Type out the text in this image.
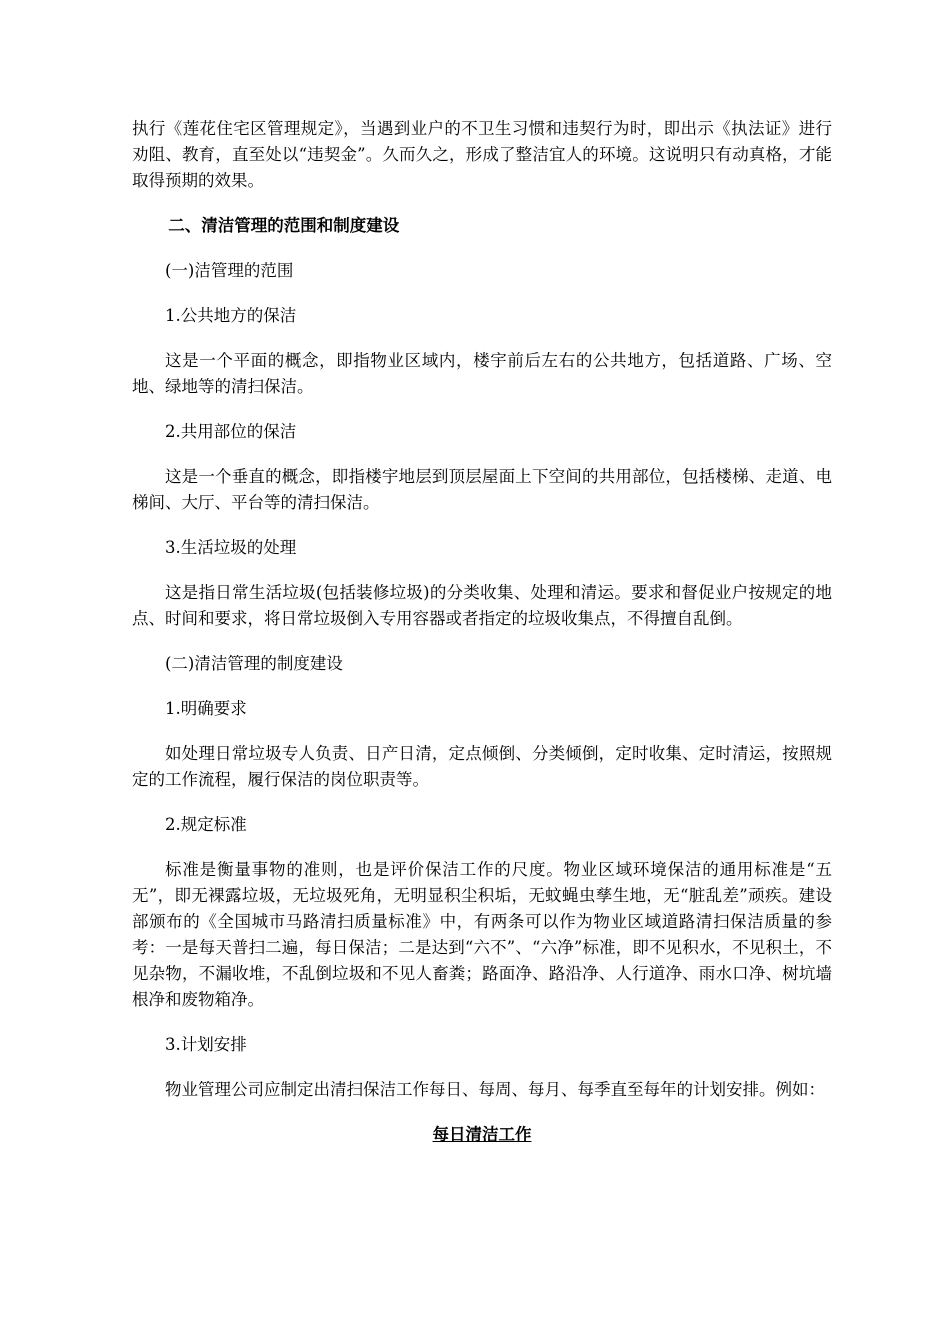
执行《莲花住宅区管理规定》，当遇到业户的不卫生习惯和违契行为时，即出示《执法证》进行劝阻、教育，直至处以“违契金”。久而久之，形成了整洁宜人的环境。这说明只有动真格，才能取得预期的效果。

二、清洁管理的范围和制度建设

(一)洁管理的范围

1.公共地方的保洁

这是一个平面的概念，即指物业区域内，楼宇前后左右的公共地方，包括道路、广场、空地、绿地等的清扫保洁。

2.共用部位的保洁

这是一个垂直的概念，即指楼宇地层到顶层屋面上下空间的共用部位，包括楼梯、走道、电梯间、大厅、平台等的清扫保洁。

3.生活垃圾的处理

这是指日常生活垃圾(包括装修垃圾)的分类收集、处理和清运。要求和督促业户按规定的地点、时间和要求，将日常垃圾倒入专用容器或者指定的垃圾收集点，不得擅自乱倒。

(二)清洁管理的制度建设

1.明确要求

如处理日常垃圾专人负责、日产日清，定点倾倒、分类倾倒，定时收集、定时清运，按照规定的工作流程，履行保洁的岗位职责等。

2.规定标准

标准是衡量事物的准则，也是评价保洁工作的尺度。物业区域环境保洁的通用标准是“五无”，即无裸露垃圾，无垃圾死角，无明显积尘积垢，无蚊蝇虫孳生地，无“脏乱差”顽疾。建设部颁布的《全国城市马路清扫质量标准》中，有两条可以作为物业区域道路清扫保洁质量的参考：一是每天普扫二遍，每日保洁；二是达到“六不”、“六净”标准，即不见积水，不见积土，不见杂物，不漏收堆，不乱倒垃圾和不见人畜粪；路面净、路沿净、人行道净、雨水口净、树坑墙根净和废物箱净。

3.计划安排

物业管理公司应制定出清扫保洁工作每日、每周、每月、每季直至每年的计划安排。例如：

每日清洁工作
